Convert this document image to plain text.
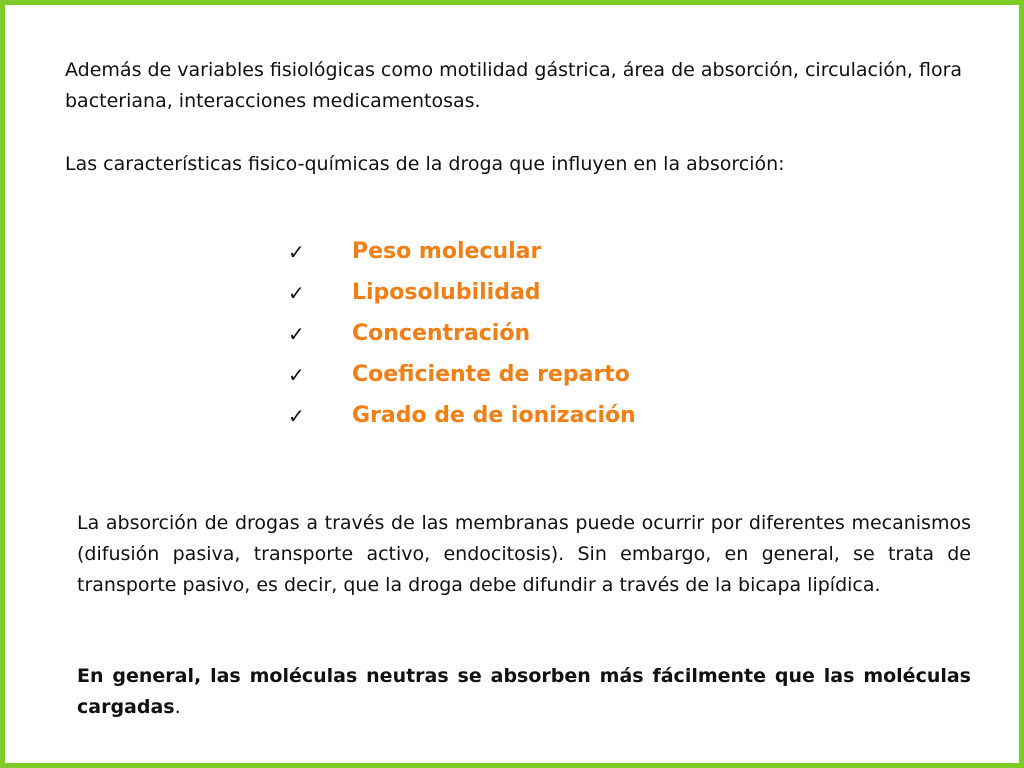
Además de variables fisiológicas como motilidad gástrica, área de absorción, circulación, flora bacteriana, interacciones medicamentosas.

Las características fisico-químicas de la droga que influyen en la absorción:

✓	Peso molecular
✓	Liposolubilidad
✓	Concentración
✓	Coeficiente de reparto
✓	Grado de de ionización

La absorción de drogas a través de las membranas puede ocurrir por diferentes mecanismos (difusión pasiva, transporte activo, endocitosis). Sin embargo, en general, se trata de transporte pasivo, es decir, que la droga debe difundir a través de la bicapa lipídica.

En general, las moléculas neutras se absorben más fácilmente que las moléculas cargadas.
